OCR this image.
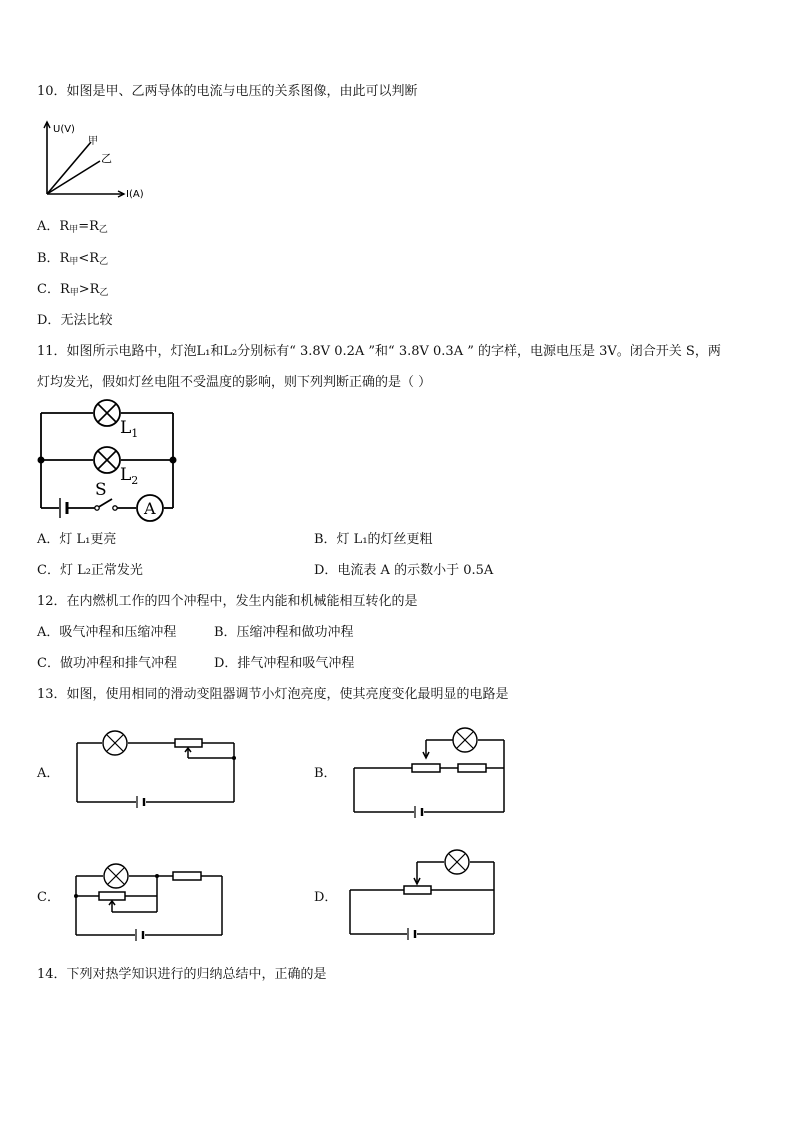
10．如图是甲、乙两导体的电流与电压的关系图像，由此可以判断
U(V)
甲
乙
I(A)
A．$R_甲=R_乙$
B．$R_甲<R_乙$
C．$R_甲>R_乙$
D．无法比较
11．如图所示电路中，灯泡L₁和L₂分别标有“ 3.8V 0.2A ”和“ 3.8V 0.3A ” 的字样，电源电压是 3V。闭合开关 S，两
灯均发光，假如灯丝电阻不受温度的影响，则下列判断正确的是（ ）
A
$L_1$
$L_2$
S
A．灯 L₁更亮	B．灯 L₁的灯丝更粗
C．灯 L₂正常发光	D．电流表 A 的示数小于 0.5A
12．在内燃机工作的四个冲程中，发生内能和机械能相互转化的是
A．吸气冲程和压缩冲程	B．压缩冲程和做功冲程
C．做功冲程和排气冲程	D．排气冲程和吸气冲程
13．如图，使用相同的滑动变阻器调节小灯泡亮度，使其亮度变化最明显的电路是
A．	B．
C．	D．
14．下列对热学知识进行的归纳总结中，正确的是
